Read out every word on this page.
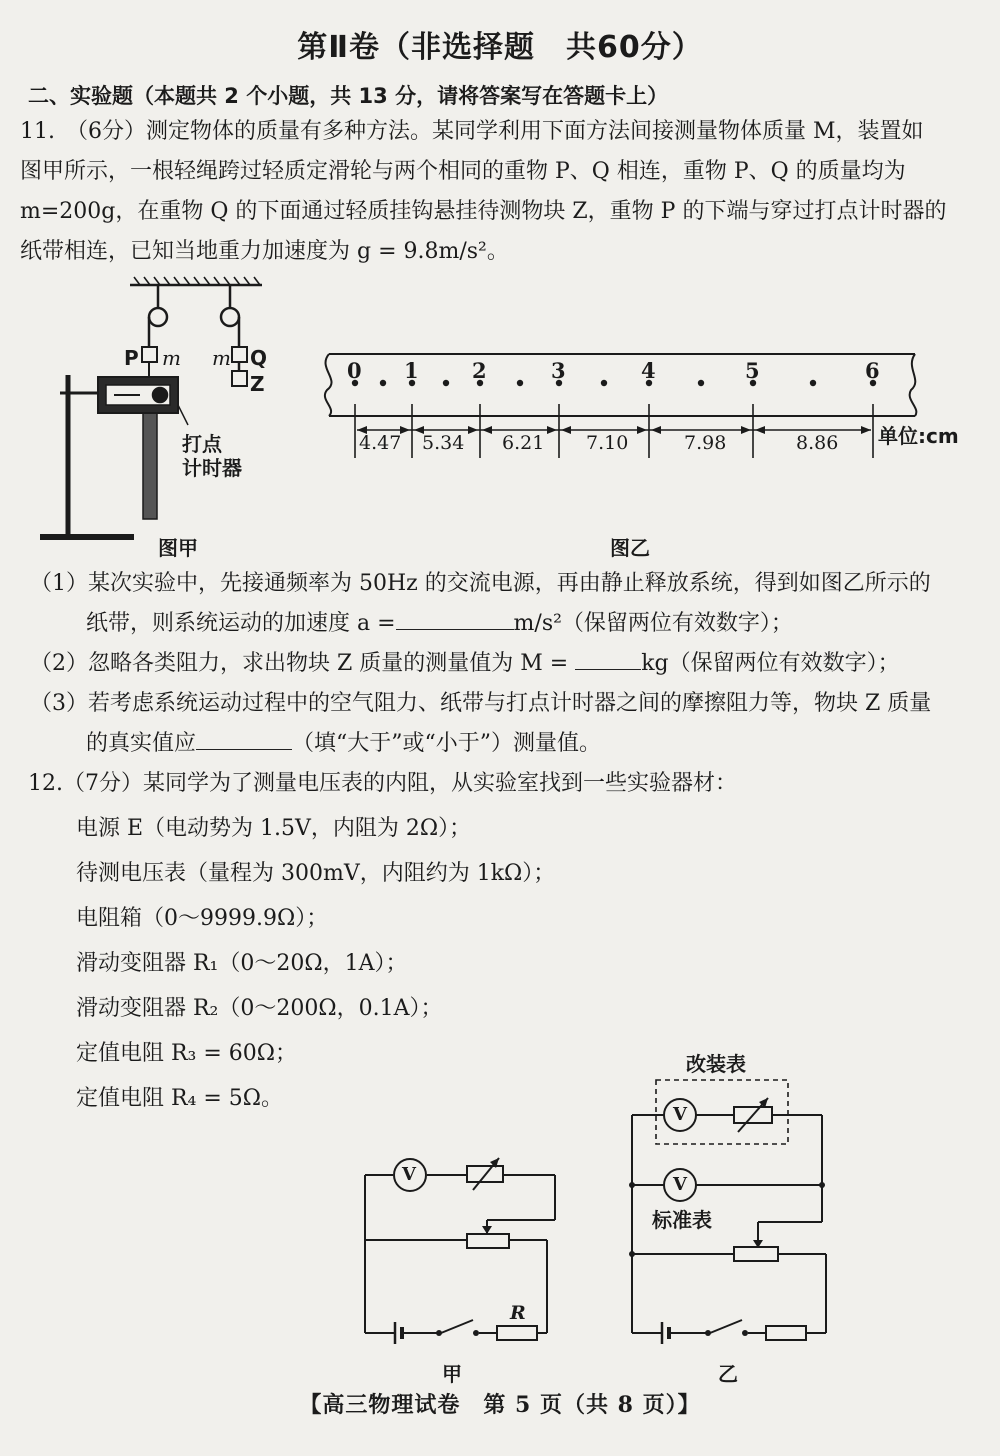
第Ⅱ卷（非选择题　共60分）
二、实验题（本题共 2 个小题，共 13 分，请将答案写在答题卡上）
11.　（6分）测定物体的质量有多种方法。某同学利用下面方法间接测量物体质量 M，装置如
图甲所示，一根轻绳跨过轻质定滑轮与两个相同的重物 P、Q 相连，重物 P、Q 的质量均为
m=200g，在重物 Q 的下面通过轻质挂钩悬挂待测物块 Z，重物 P 的下端与穿过打点计时器的
纸带相连，已知当地重力加速度为 g = 9.8m/s²。
P m m Q
Z
打点
计时器
图甲
0 1	2	3	4	5	6
4.47 5.34 6.21 7.10	7.98	8.86 单位:cm
图乙
（1）某次实验中，先接通频率为 50Hz 的交流电源，再由静止释放系统，得到如图乙所示的
纸带，则系统运动的加速度 a =	m/s²（保留两位有效数字）；
（2）忽略各类阻力，求出物块 Z 质量的测量值为 M =	kg（保留两位有效数字）；
（3）若考虑系统运动过程中的空气阻力、纸带与打点计时器之间的摩擦阻力等，物块 Z 质量
的真实值应	（填“大于”或“小于”）测量值。
12.（7分）某同学为了测量电压表的内阻，从实验室找到一些实验器材：
电源 E（电动势为 1.5V，内阻为 2Ω）；
待测电压表（量程为 300mV，内阻约为 1kΩ）；
电阻箱（0～9999.9Ω）；
滑动变阻器 R₁（0～20Ω，1A）；
滑动变阻器 R₂（0～200Ω，0.1A）；
定值电阻 R₃ = 60Ω；
定值电阻 R₄ = 5Ω。
V
R
甲
改装表
V
V
标准表
乙
【高三物理试卷　第 5 页（共 8 页）】
